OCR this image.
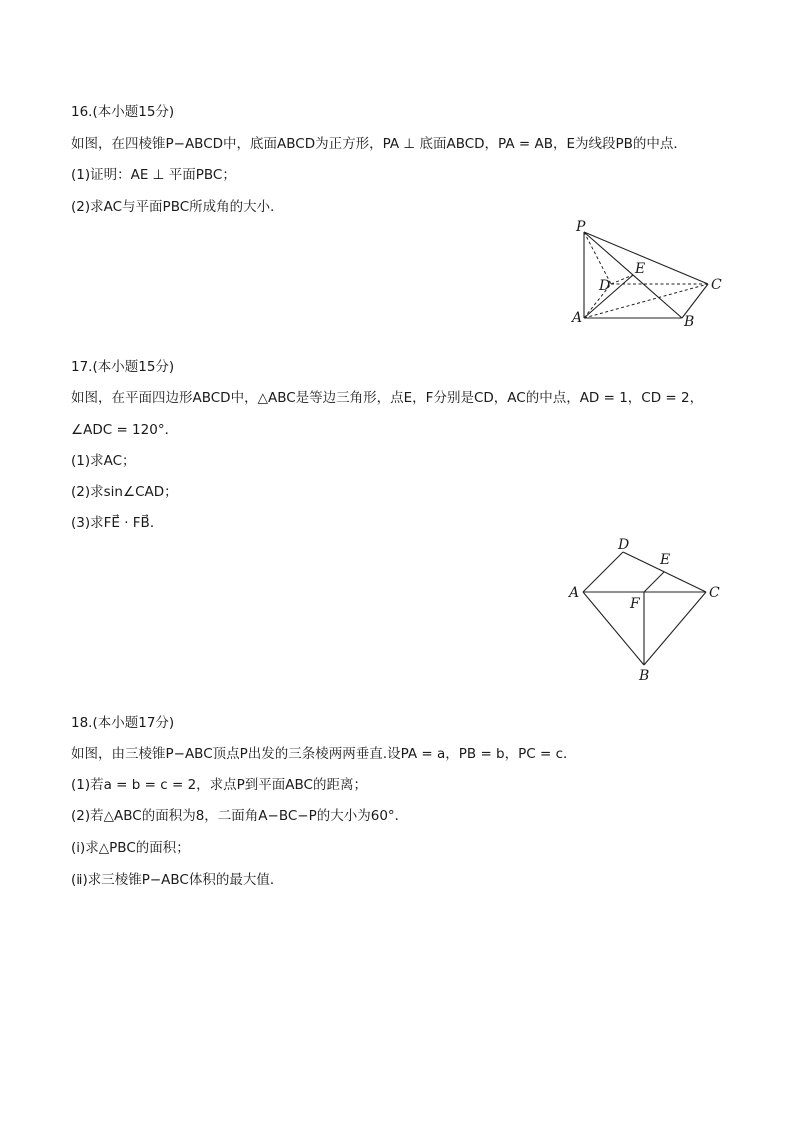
16.(本小题15分)
如图，在四棱锥P−ABCD中，底面ABCD为正方形，PA ⊥ 底面ABCD，PA = AB，E为线段PB的中点．
(1)证明：AE ⊥ 平面PBC；
(2)求AC与平面PBC所成角的大小．
P
E
D	C
A	B
17.(本小题15分)
如图，在平面四边形ABCD中，△ABC是等边三角形，点E，F分别是CD，AC的中点，AD = 1，CD = 2，
∠ADC = 120°．
(1)求AC；
(2)求sin∠CAD；
(3)求FE⃗ · FB⃗．
D
E
A
F
C
B
18.(本小题17分)
如图，由三棱锥P−ABC顶点P出发的三条棱两两垂直.设PA = a，PB = b，PC = c．
(1)若a = b = c = 2，求点P到平面ABC的距离；
(2)若△ABC的面积为8，二面角A−BC−P的大小为60°．
(ⅰ)求△PBC的面积；
(ⅱ)求三棱锥P−ABC体积的最大值．
